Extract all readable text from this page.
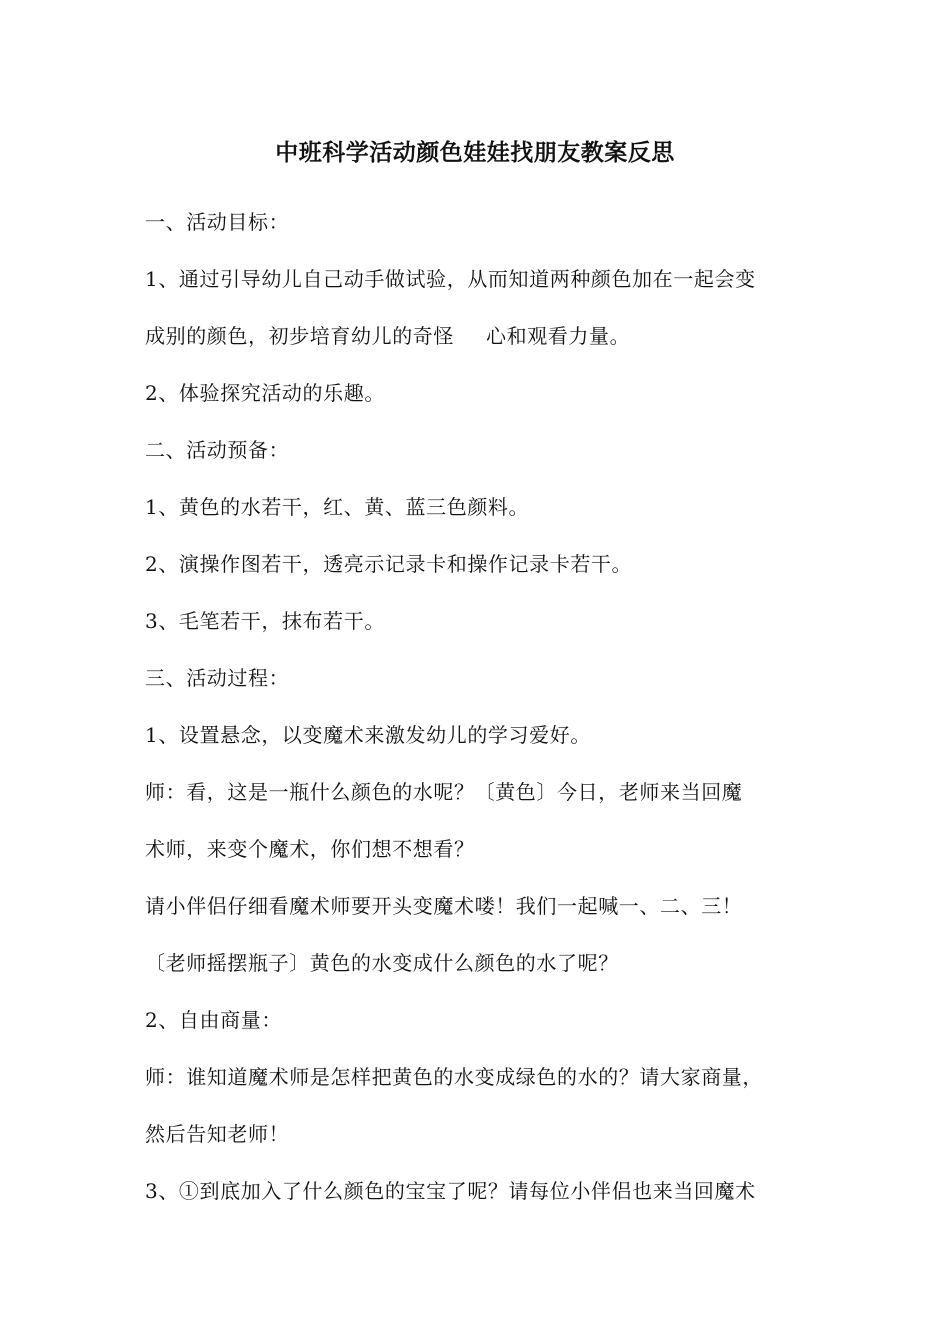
中班科学活动颜色娃娃找朋友教案反思
一、活动目标：
1、通过引导幼儿自己动手做试验，从而知道两种颜色加在一起会变
成别的颜色，初步培育幼儿的奇怪 心和观看力量。
2、体验探究活动的乐趣。
二、活动预备：
1、黄色的水若干，红、黄、蓝三色颜料。
2、演操作图若干，透亮示记录卡和操作记录卡若干。
3、毛笔若干，抹布若干。
三、活动过程：
1、设置悬念，以变魔术来激发幼儿的学习爱好。
师：看，这是一瓶什么颜色的水呢？〔黄色〕今日，老师来当回魔
术师，来变个魔术，你们想不想看？
请小伴侣仔细看魔术师要开头变魔术喽！我们一起喊一、二、三！
〔老师摇摆瓶子〕黄色的水变成什么颜色的水了呢？
2、自由商量：
师：谁知道魔术师是怎样把黄色的水变成绿色的水的？请大家商量，
然后告知老师！
3、①到底加入了什么颜色的宝宝了呢？请每位小伴侣也来当回魔术
